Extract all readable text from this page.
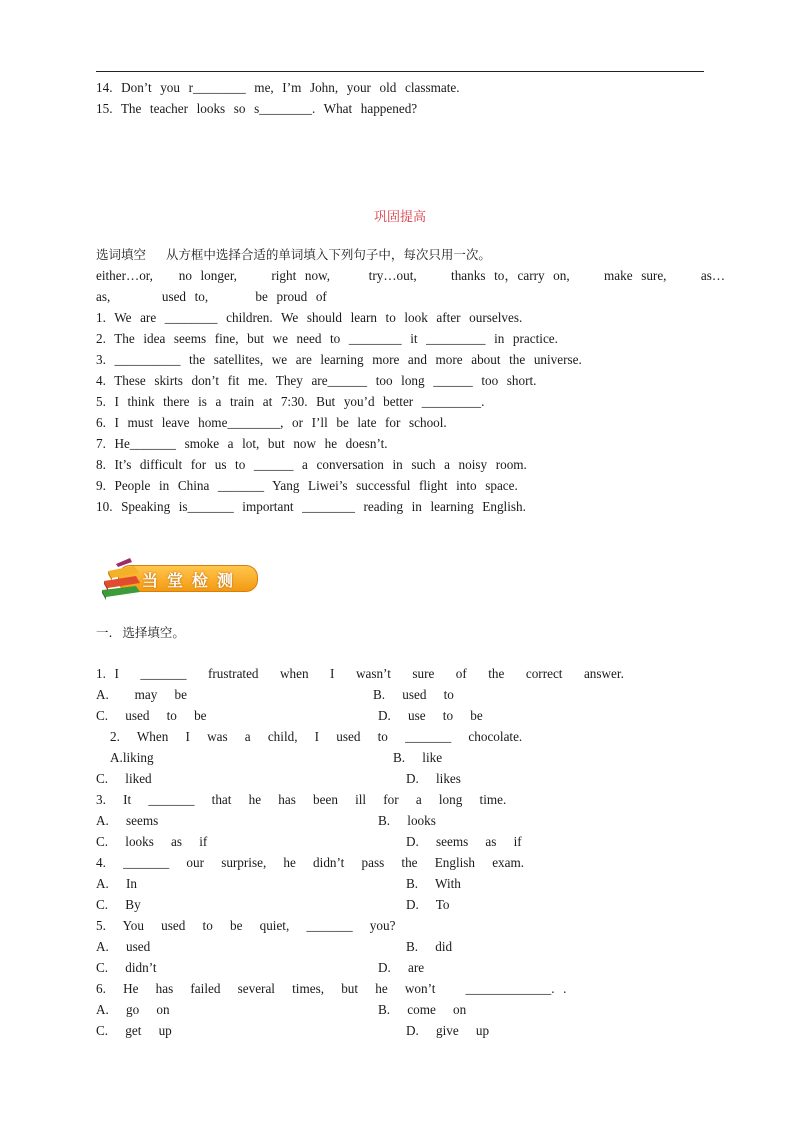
14.  Don’t  you  r________  me,  I’m  John,  your  old  classmate.
15.  The  teacher  looks  so  s________.  What  happened?
巩固提高
选词填空    从方框中选择合适的单词填入下列句子中，每次只用一次。
either…or,      no  longer,        right  now,         try…out,        thanks  to，carry  on,        make  sure,        as…
as,            used  to,           be  proud  of
1.  We  are  ________  children.  We  should  learn  to  look  after  ourselves.
2.  The  idea  seems  fine,  but  we  need  to  ________  it  _________  in  practice.
3.  __________  the  satellites,  we  are  learning  more  and  more  about  the  universe.
4.  These  skirts  don’t  fit  me.  They  are______  too  long  ______  too  short.
5.  I  think  there  is  a  train  at  7:30.  But  you’d  better  _________.
6.  I  must  leave  home________,  or  I’ll  be  late  for  school.
7.  He_______  smoke  a  lot,  but  now  he  doesn’t.
8.  It’s  difficult  for  us  to  ______  a  conversation  in  such  a  noisy  room.
9.  People  in  China  _______  Yang  Liwei’s  successful  flight  into  space.
10.  Speaking  is_______  important  ________  reading  in  learning  English.
当堂检测
一.  选择填空。
1.  I     _______     frustrated     when     I     wasn’t     sure     of     the     correct     answer.
A.      may    be	B.    used    to
C.    used    to    be	D.    use    to    be
2.    When    I    was    a    child,    I    used    to    _______    chocolate.
A.liking	B.    like
C.    liked	D.    likes
3.    It    _______    that    he    has    been    ill    for    a    long    time.
A.    seems	B.    looks
C.    looks    as    if	D.    seems    as    if
4.    _______    our    surprise,    he    didn’t    pass    the    English    exam.
A.    In	B.    With
C.    By	D.    To
5.    You    used    to    be    quiet,    _______    you?
A.    used	B.    did
C.    didn’t	D.    are
6.    He    has    failed    several    times,    but    he    won’t       _____________.  .
A.    go    on	B.    come    on
C.    get    up	D.    give    up
